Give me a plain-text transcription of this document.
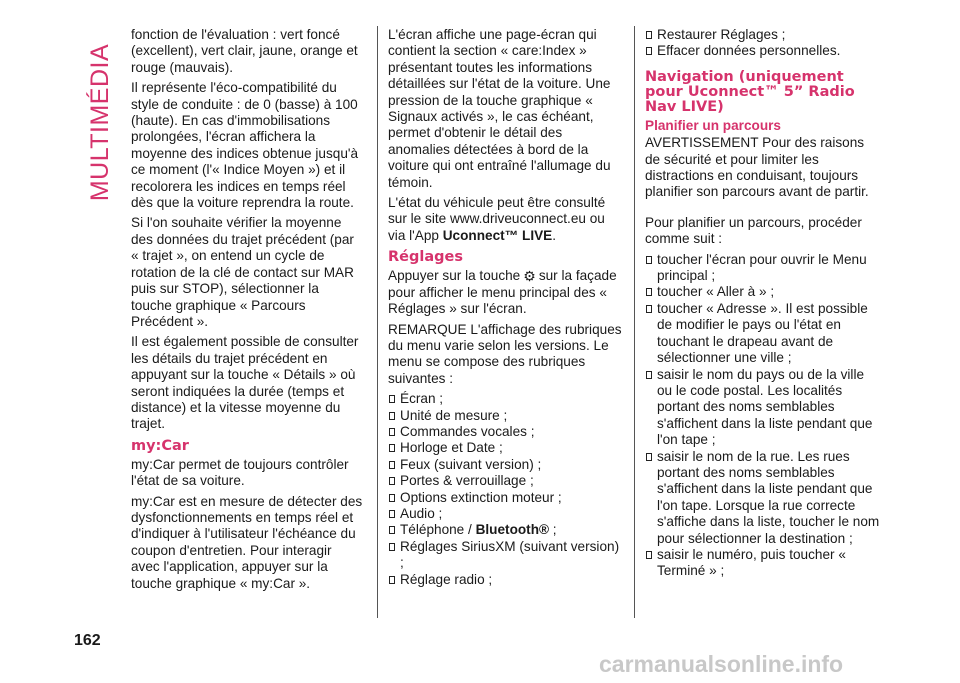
MULTIMÉDIA

fonction de l'évaluation : vert foncé (excellent), vert clair, jaune, orange et rouge (mauvais).

Il représente l'éco-compatibilité du style de conduite : de 0 (basse) à 100 (haute). En cas d'immobilisations prolongées, l'écran affichera la moyenne des indices obtenue jusqu'à ce moment (l'« Indice Moyen ») et il recolorera les indices en temps réel dès que la voiture reprendra la route.

Si l'on souhaite vérifier la moyenne des données du trajet précédent (par « trajet », on entend un cycle de rotation de la clé de contact sur MAR puis sur STOP), sélectionner la touche graphique « Parcours Précédent ».

Il est également possible de consulter les détails du trajet précédent en appuyant sur la touche « Détails » où seront indiquées la durée (temps et distance) et la vitesse moyenne du trajet.

my:Car

my:Car permet de toujours contrôler l'état de sa voiture.

my:Car est en mesure de détecter des dysfonctionnements en temps réel et d'indiquer à l'utilisateur l'échéance du coupon d'entretien. Pour interagir avec l'application, appuyer sur la touche graphique « my:Car ».

L'écran affiche une page-écran qui contient la section « care:Index » présentant toutes les informations détaillées sur l'état de la voiture. Une pression de la touche graphique « Signaux activés », le cas échéant, permet d'obtenir le détail des anomalies détectées à bord de la voiture qui ont entraîné l'allumage du témoin.

L'état du véhicule peut être consulté sur le site www.driveuconnect.eu ou via l'App Uconnect™ LIVE.

Réglages

Appuyer sur la touche ⚙ sur la façade pour afficher le menu principal des « Réglages » sur l'écran.

REMARQUE L'affichage des rubriques du menu varie selon les versions. Le menu se compose des rubriques suivantes :

Écran ;
Unité de mesure ;
Commandes vocales ;
Horloge et Date ;
Feux (suivant version) ;
Portes & verrouillage ;
Options extinction moteur ;
Audio ;
Téléphone / Bluetooth® ;
Réglages SiriusXM (suivant version) ;
Réglage radio ;
Restaurer Réglages ;
Effacer données personnelles.
Navigation (uniquement pour Uconnect™ 5” Radio Nav LIVE)
Planifier un parcours

AVERTISSEMENT Pour des raisons de sécurité et pour limiter les distractions en conduisant, toujours planifier son parcours avant de partir.

Pour planifier un parcours, procéder comme suit :

toucher l'écran pour ouvrir le Menu principal ;
toucher « Aller à » ;
toucher « Adresse ». Il est possible de modifier le pays ou l'état en touchant le drapeau avant de sélectionner une ville ;
saisir le nom du pays ou de la ville ou le code postal. Les localités portant des noms semblables s'affichent dans la liste pendant que l'on tape ;
saisir le nom de la rue. Les rues portant des noms semblables s'affichent dans la liste pendant que l'on tape. Lorsque la rue correcte s'affiche dans la liste, toucher le nom pour sélectionner la destination ;
saisir le numéro, puis toucher « Terminé » ;
162
carmanualsonline.info
